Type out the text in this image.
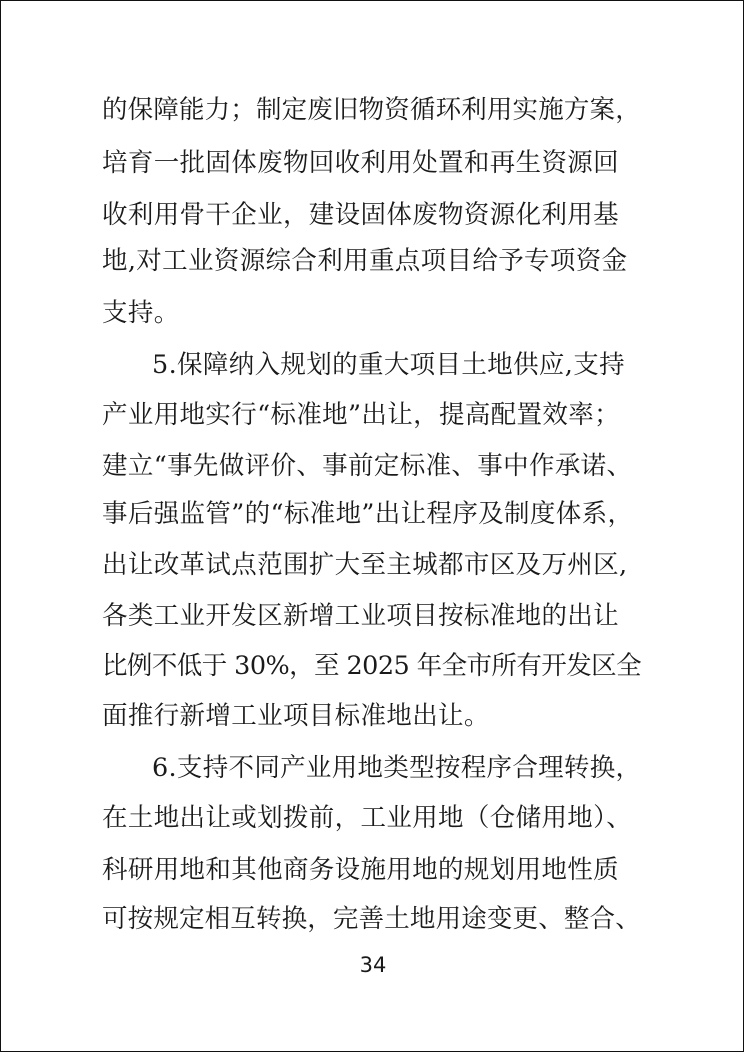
的保障能力；制定废旧物资循环利用实施方案，
培育一批固体废物回收利用处置和再生资源回
收利用骨干企业，建设固体废物资源化利用基
地,对工业资源综合利用重点项目给予专项资金
支持。
5.保障纳入规划的重大项目土地供应,支持
产业用地实行“标准地”出让，提高配置效率；
建立“事先做评价、事前定标准、事中作承诺、
事后强监管”的“标准地”出让程序及制度体系，
出让改革试点范围扩大至主城都市区及万州区,
各类工业开发区新增工业项目按标准地的出让
比例不低于 30%，至 2025 年全市所有开发区全
面推行新增工业项目标准地出让。
6.支持不同产业用地类型按程序合理转换，
在土地出让或划拨前，工业用地（仓储用地）、
科研用地和其他商务设施用地的规划用地性质
可按规定相互转换，完善土地用途变更、整合、
34
